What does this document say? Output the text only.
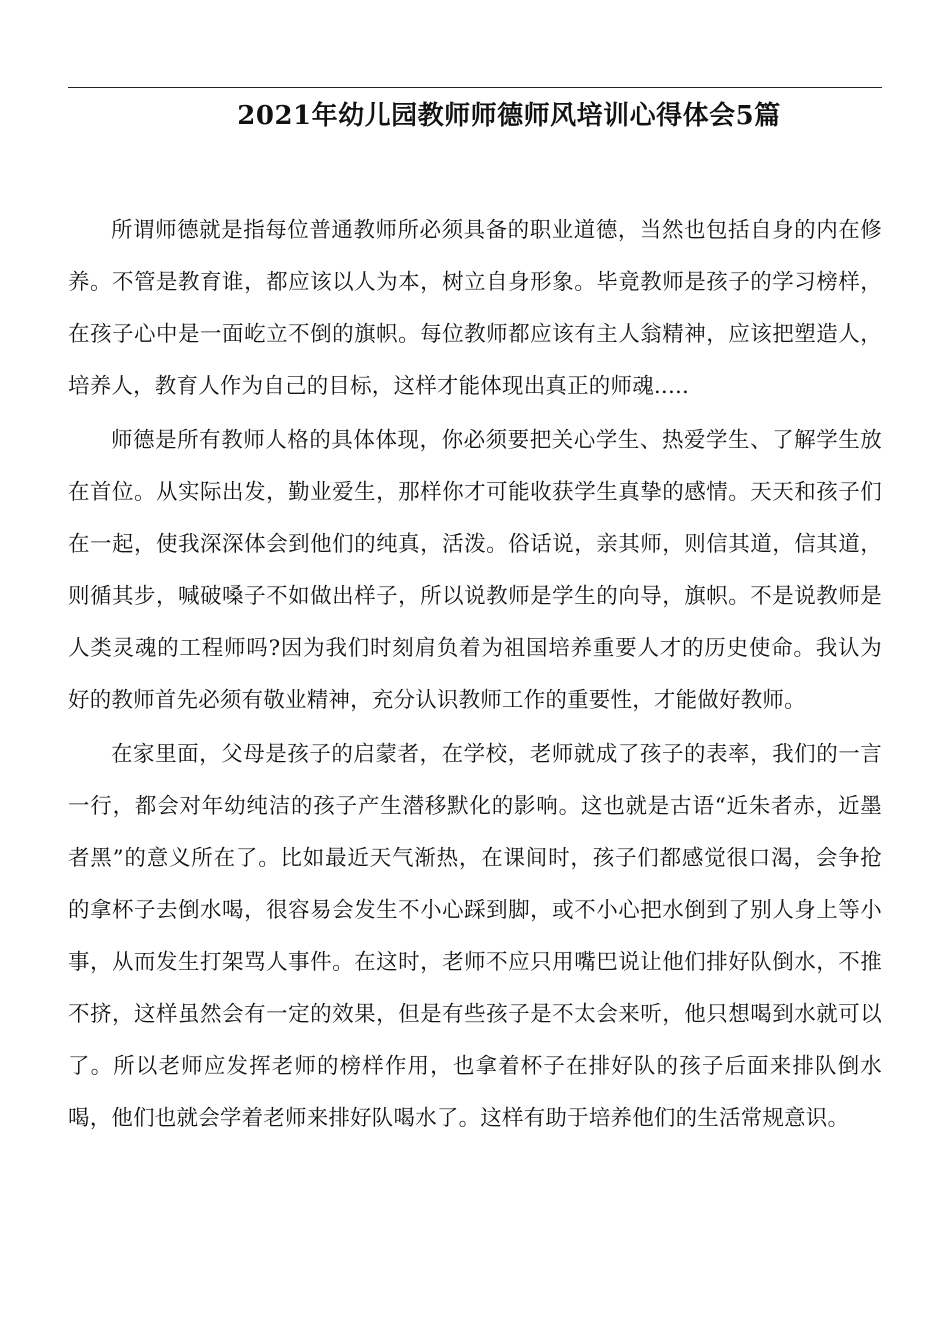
2021年幼儿园教师师德师风培训心得体会5篇

所谓师德就是指每位普通教师所必须具备的职业道德，当然也包括自身的内在修养。不管是教育谁，都应该以人为本，树立自身形象。毕竟教师是孩子的学习榜样，在孩子心中是一面屹立不倒的旗帜。每位教师都应该有主人翁精神，应该把塑造人，培养人，教育人作为自己的目标，这样才能体现出真正的师魂.....

师德是所有教师人格的具体体现，你必须要把关心学生、热爱学生、了解学生放在首位。从实际出发，勤业爱生，那样你才可能收获学生真挚的感情。天天和孩子们在一起，使我深深体会到他们的纯真，活泼。俗话说，亲其师，则信其道，信其道，则循其步，喊破嗓子不如做出样子，所以说教师是学生的向导，旗帜。不是说教师是人类灵魂的工程师吗?因为我们时刻肩负着为祖国培养重要人才的历史使命。我认为好的教师首先必须有敬业精神，充分认识教师工作的重要性，才能做好教师。

在家里面，父母是孩子的启蒙者，在学校，老师就成了孩子的表率，我们的一言一行，都会对年幼纯洁的孩子产生潜移默化的影响。这也就是古语“近朱者赤，近墨者黑”的意义所在了。比如最近天气渐热，在课间时，孩子们都感觉很口渴，会争抢的拿杯子去倒水喝，很容易会发生不小心踩到脚，或不小心把水倒到了别人身上等小事，从而发生打架骂人事件。在这时，老师不应只用嘴巴说让他们排好队倒水，不推不挤，这样虽然会有一定的效果，但是有些孩子是不太会来听，他只想喝到水就可以了。所以老师应发挥老师的榜样作用，也拿着杯子在排好队的孩子后面来排队倒水喝，他们也就会学着老师来排好队喝水了。这样有助于培养他们的生活常规意识。
